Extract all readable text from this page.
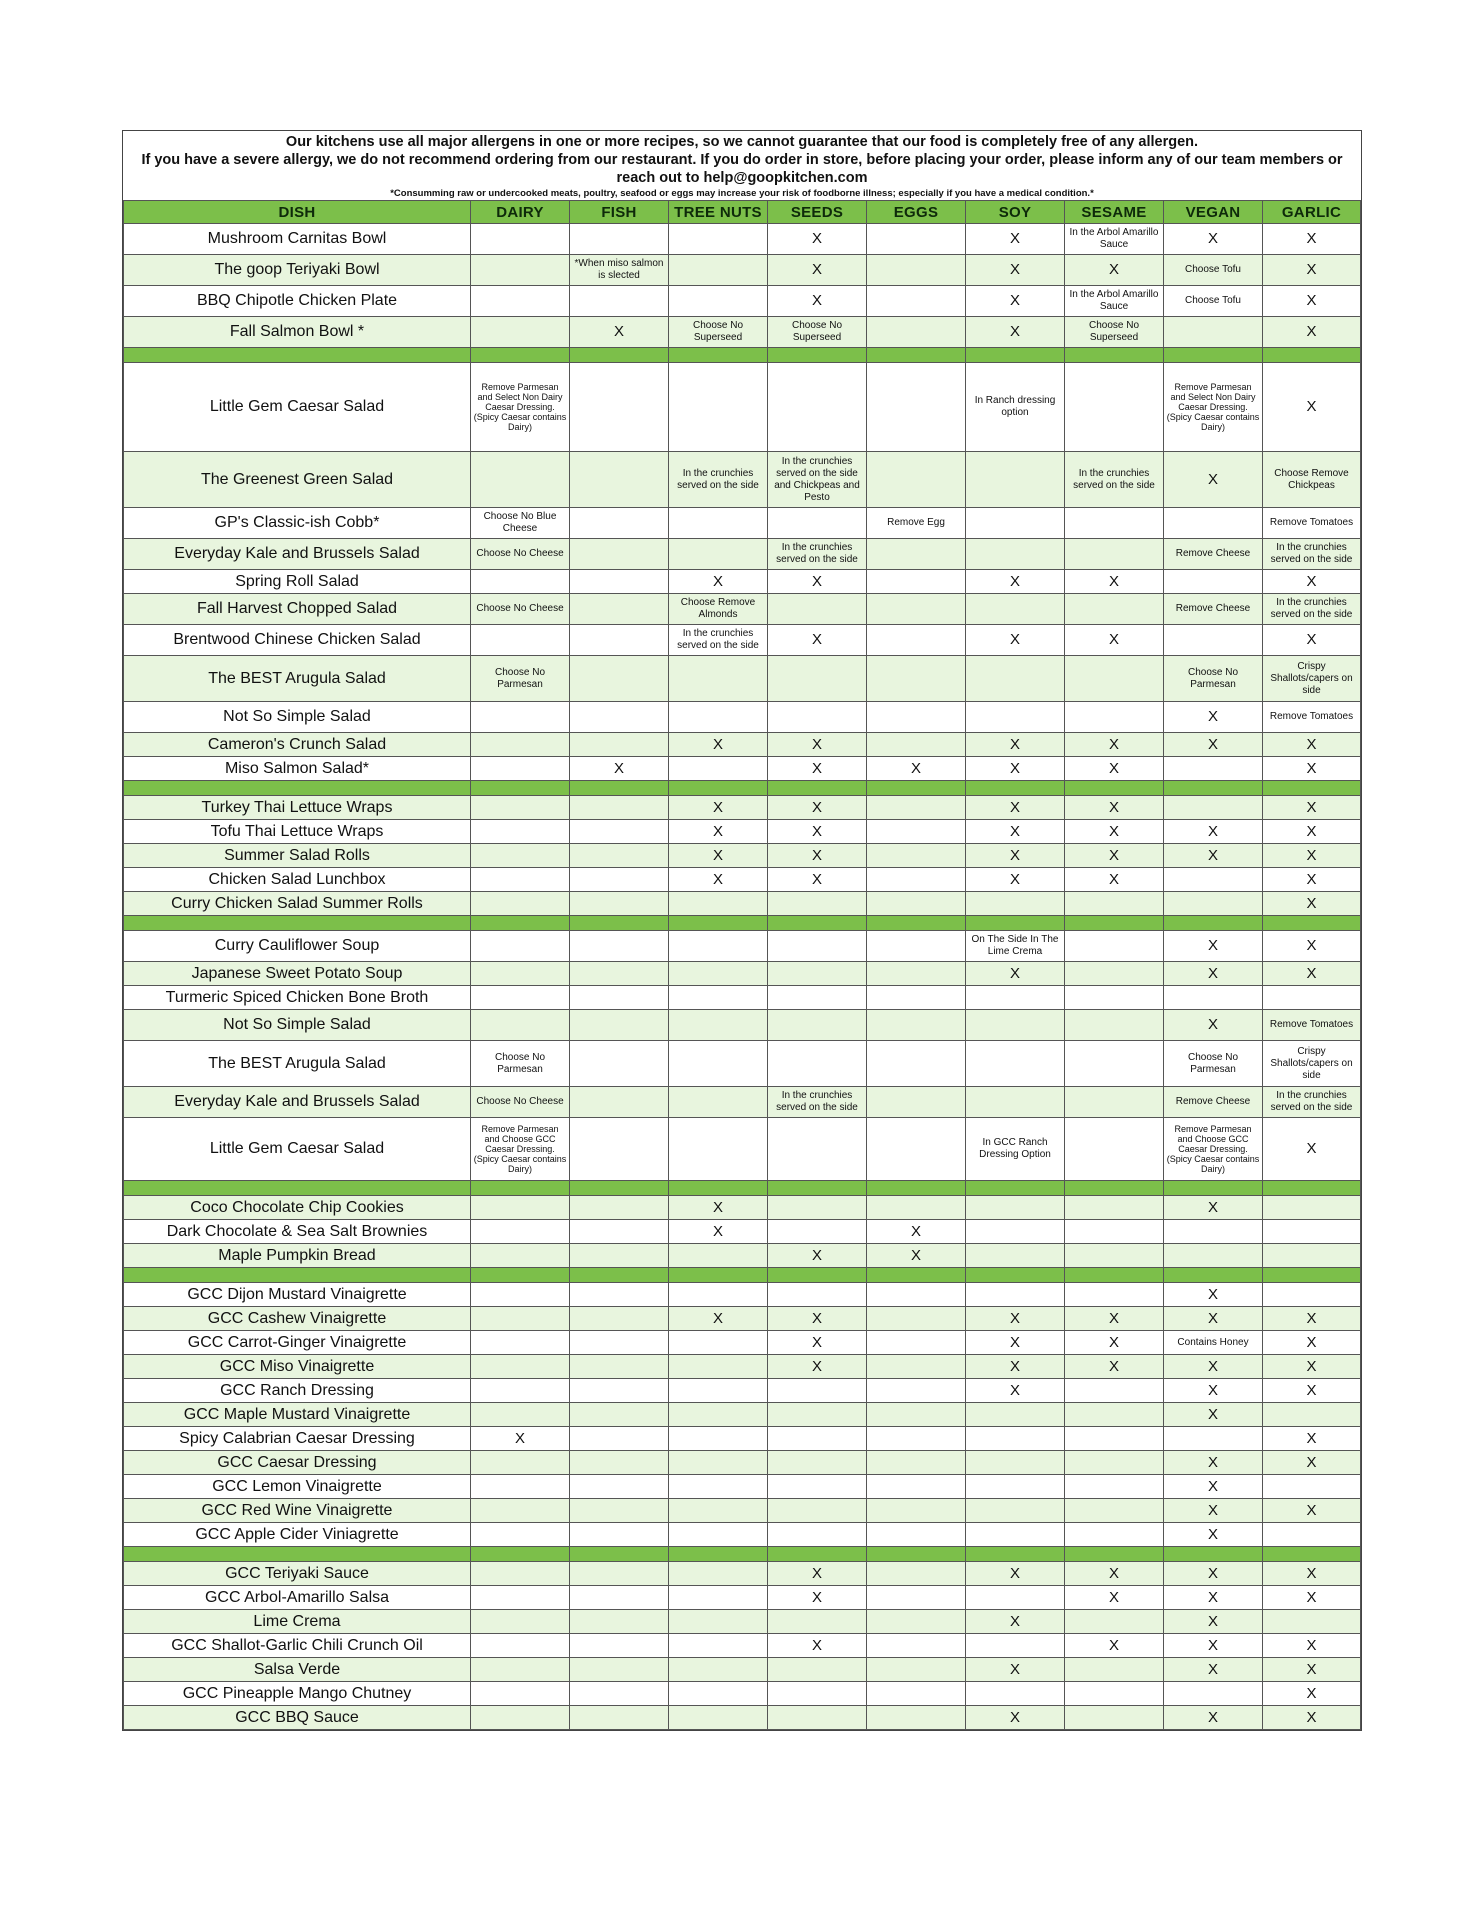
Our kitchens use all major allergens in one or more recipes, so we cannot guarantee that our food is completely free of any allergen.
If you have a severe allergy, we do not recommend ordering from our restaurant. If you do order in store, before placing your order, please inform any of our team members or
reach out to help@goopkitchen.com
*Consumming raw or undercooked meats, poultry, seafood or eggs may increase your risk of foodborne illness; especially if you have a medical condition.*
DISH	DAIRY	FISH	TREE NUTS	SEEDS	EGGS	SOY	SESAME	VEGAN	GARLIC
Mushroom Carnitas Bowl				X		X	In the Arbol Amarillo Sauce	X	X
The goop Teriyaki Bowl		*When miso salmon is slected		X		X	X	Choose Tofu	X
BBQ Chipotle Chicken Plate				X		X	In the Arbol Amarillo Sauce	Choose Tofu	X
Fall Salmon Bowl *		X	Choose No Superseed	Choose No Superseed		X	Choose No Superseed		X

Little Gem Caesar Salad	Remove Parmesan and Select Non Dairy Caesar Dressing. (Spicy Caesar contains Dairy)					In Ranch dressing option		Remove Parmesan and Select Non Dairy Caesar Dressing. (Spicy Caesar contains Dairy)	X
The Greenest Green Salad			In the crunchies served on the side	In the crunchies served on the side and Chickpeas and Pesto			In the crunchies served on the side	X	Choose Remove Chickpeas

GP's Classic-ish Cobb*	Choose No Blue Cheese				Remove Egg				Remove Tomatoes

Everyday Kale and Brussels Salad	Choose No Cheese			In the crunchies served on the side				Remove Cheese	In the crunchies served on the side

Spring Roll Salad			X	X		X	X		X
Fall Harvest Chopped Salad	Choose No Cheese		Choose Remove Almonds					Remove Cheese	In the crunchies served on the side

Brentwood Chinese Chicken Salad			In the crunchies served on the side	X		X	X		X
The BEST Arugula Salad	Choose No Parmesan							Choose No Parmesan	Crispy Shallots/capers on side

Not So Simple Salad								X	Remove Tomatoes

Cameron's Crunch Salad			X	X		X	X	X	X
Miso Salmon Salad*		X		X	X	X	X		X

Turkey Thai Lettuce Wraps			X	X		X	X		X
Tofu Thai Lettuce Wraps			X	X		X	X	X	X
Summer Salad Rolls			X	X		X	X	X	X
Chicken Salad Lunchbox			X	X		X	X		X
Curry Chicken Salad Summer Rolls									X

Curry Cauliflower Soup						On The Side In The Lime Crema		X	X
Japanese Sweet Potato Soup						X		X	X
Turmeric Spiced Chicken Bone Broth									
Not So Simple Salad								X	Remove Tomatoes

The BEST Arugula Salad	Choose No Parmesan							Choose No Parmesan	Crispy Shallots/capers on side

Everyday Kale and Brussels Salad	Choose No Cheese			In the crunchies served on the side				Remove Cheese	In the crunchies served on the side

Little Gem Caesar Salad	Remove Parmesan and Choose GCC Caesar Dressing. (Spicy Caesar contains Dairy)					In GCC Ranch Dressing Option		Remove Parmesan and Choose GCC Caesar Dressing. (Spicy Caesar contains Dairy)	X

Coco Chocolate Chip Cookies			X					X	
Dark Chocolate & Sea Salt Brownies			X		X				
Maple Pumpkin Bread				X	X				

GCC Dijon Mustard Vinaigrette								X	
GCC Cashew Vinaigrette			X	X		X	X	X	X
GCC Carrot-Ginger Vinaigrette				X		X	X	Contains Honey	X
GCC Miso Vinaigrette				X		X	X	X	X
GCC Ranch Dressing						X		X	X
GCC Maple Mustard Vinaigrette								X	
Spicy Calabrian Caesar Dressing	X								X
GCC Caesar Dressing								X	X
GCC Lemon Vinaigrette								X	
GCC Red Wine Vinaigrette								X	X
GCC Apple Cider Viniagrette								X	

GCC Teriyaki Sauce				X		X	X	X	X
GCC Arbol-Amarillo Salsa				X			X	X	X
Lime Crema						X		X	
GCC Shallot-Garlic Chili Crunch Oil				X			X	X	X
Salsa Verde						X		X	X
GCC Pineapple Mango Chutney									X
GCC BBQ Sauce						X		X	X
